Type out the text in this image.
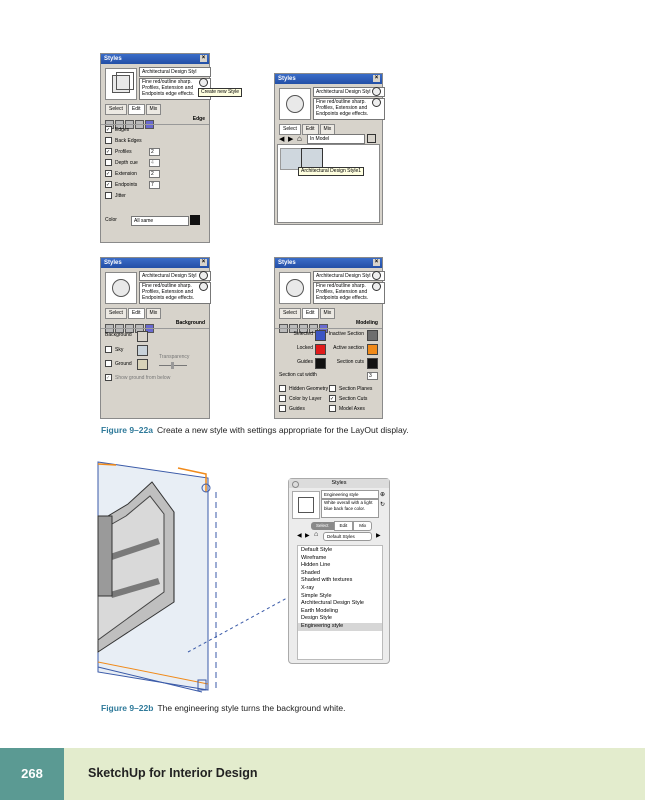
Styles	×
Architectural Design Styl
Fine red/outline sharp. Profiles, Extension and Endpoints edge effects.	Create new Style
Select Edit Mix
Edge
✓ Edges
Back Edges
✓ Profiles	2
Depth cue	4
✓ Extension	2
✓ Endpoints	7
Jitter
Color	All same
Styles	×
Architectural Design Styl
Fine red/outline sharp. Profiles, Extension and Endpoints edge effects.
Select Edit Mix
◀ ▶ ⌂	In Model
Architectural Design Style1
Styles	×
Architectural Design Styl
Fine red/outline sharp. Profiles, Extension and Endpoints edge effects.
Select Edit Mix
Background
Background
Sky
Ground
Transparency
✓ Show ground from below
Styles	×
Architectural Design Styl
Fine red/outline sharp. Profiles, Extension and Endpoints edge effects.
Select Edit Mix
Modeling
Selected	Inactive Section
Locked	Active section
Guides	Section cuts
Section cut width	3
Hidden Geometry	Section Planes
Color by Layer ✓ Section Cuts
Guides	Model Axes
Figure 9–22a Create a new style with settings appropriate for the LayOut display.
Styles
Engineering style
White overall with a light blue back face color.
⊕
↻
Select Edit	Mix
◀ ▶ ⌂	Default Styles	▶
Default Style
Wireframe
Hidden Line
Shaded
Shaded with textures
X-ray
Simple Style
Architectural Design Style
Earth Modeling
Design Style
Engineering style
Figure 9–22b The engineering style turns the background white.
268	SketchUp for Interior Design
